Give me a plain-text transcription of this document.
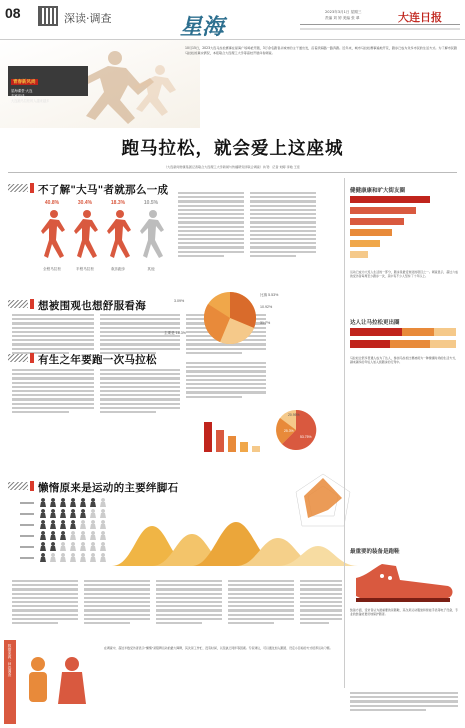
08	深读·调查	星海
2023年3月1日 星期三
责编 刘 婷 美编 张 翠	大连日报
青春新风尚
星海课堂·大连
专家访谈
大连跑马拉松的人越来越多
10月15日，2023大连马拉松赛事在星海广场鸣枪开跑，3万余名跑者从城市的主干道出发，沿着滨海路一路奔跑。近年来，城市马拉松赛事遍地开花，跑步已成为众多市民的生活方式。为了解市民跑马拉松的真实情况，本报联合大连理工大学等高校开展问卷调查。
跑马拉松，就会爱上这座城
（大连新闻传媒集团记者联合大连理工大学新闻与传播研究所联合调查）执笔：记者 刘婷 李晗 王佳
不了解"大马"者就那么一成
40.8%
全程马拉松
30.4%
半程马拉松
18.3%
欢乐跑步
10.5%
其他
想被围观也想舒服看海
比赛 5.53%
10.92%
31.7%
3.09%
主要是 16.3%
有生之年要跑一次马拉松
53.75%
25.3%
20.95%
懒惰原来是运动的主要绊脚石
健健康康和旷大街友圈
运动已成为大连人生活的一部分，跑步是最受欢迎的项目之一。调查显示，超过六成的受访者每周至少跑步一次，其中有不少人坚持了十年以上。
达人让马拉松更出圈
马拉松让很多普通人成为了达人，参加马拉松比赛被视为一种健康时尚的生活方式，越来越多的年轻人加入到跑步的行列中。
最重要的装备是跑鞋
装备方面，受访者认为最重要的是跑鞋，其次是运动服装和智能手表等电子设备，专业的装备能更好地保护跑者。
数据来源：问卷调查	在调查中，超过半数受访者表示“懒惰”是阻碍运动的最大障碍，其次是工作忙、没有时间，以及缺乏同伴等因素。专家建议，可以通过加入跑团、设定小目标的方式培养运动习惯。
